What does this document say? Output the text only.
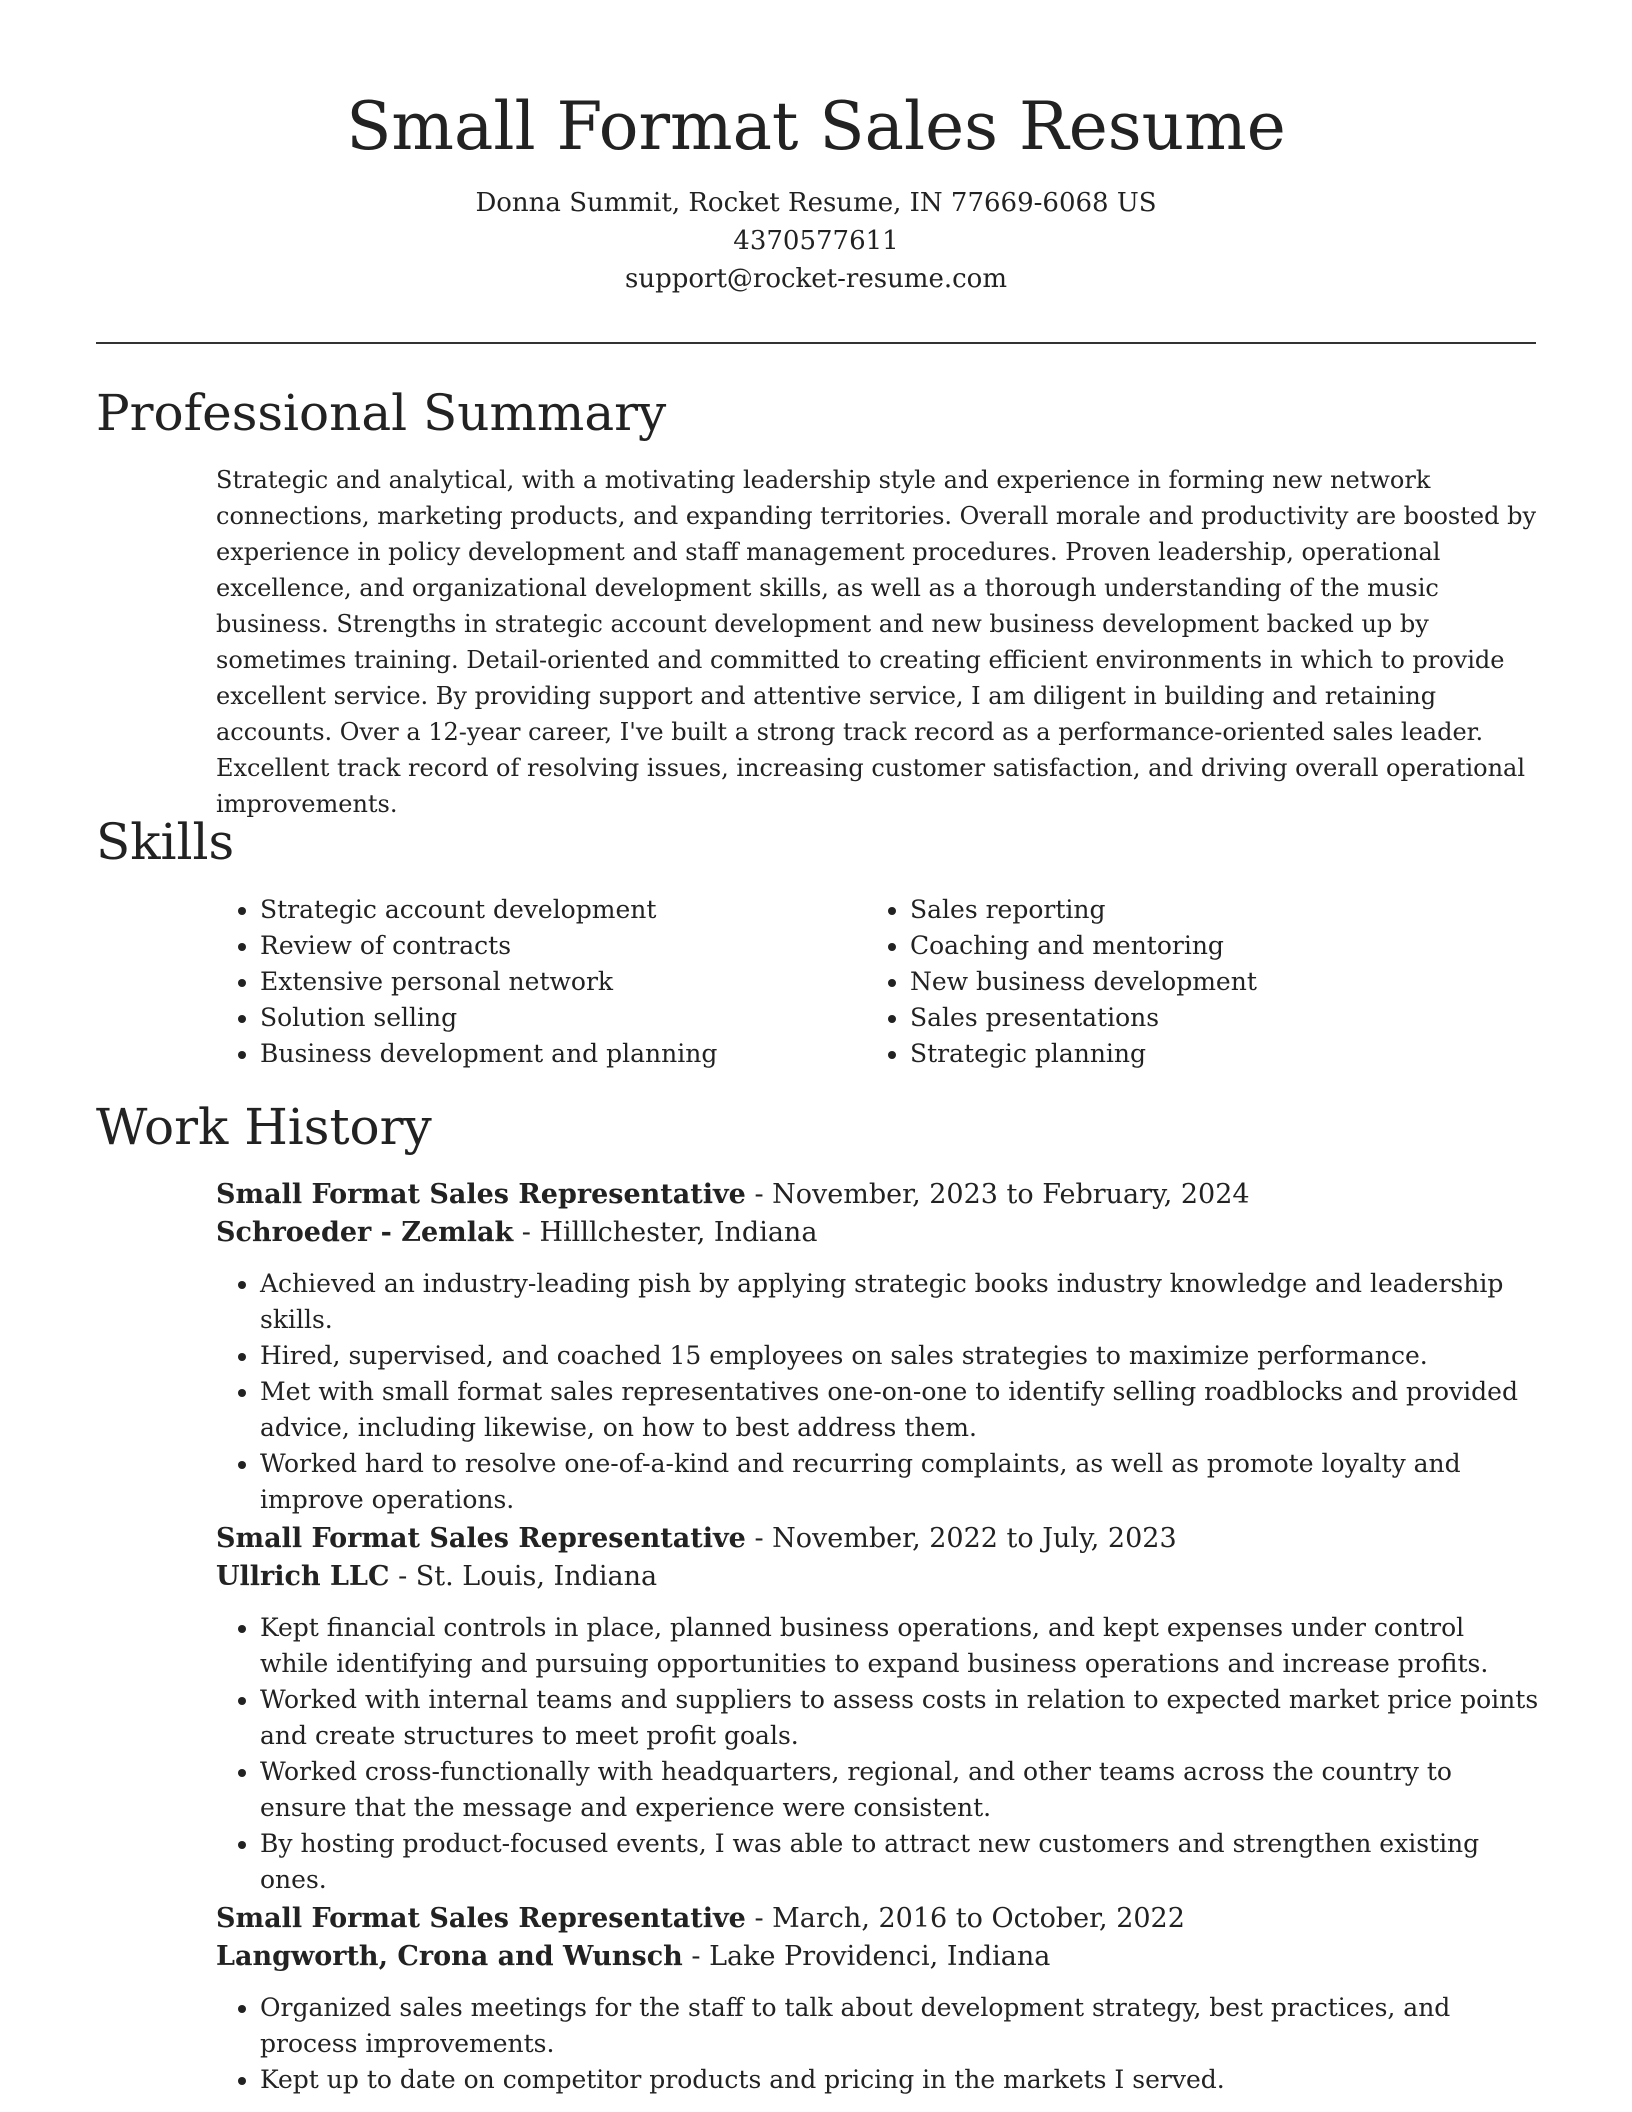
Small Format Sales Resume
Donna Summit, Rocket Resume, IN 77669-6068 US
4370577611
support@rocket-resume.com
Professional Summary

Strategic and analytical, with a motivating leadership style and experience in forming new network connections, marketing products, and expanding territories. Overall morale and productivity are boosted by experience in policy development and staff management procedures. Proven leadership, operational excellence, and organizational development skills, as well as a thorough understanding of the music business. Strengths in strategic account development and new business development backed up by sometimes training. Detail-oriented and committed to creating efficient environments in which to provide excellent service. By providing support and attentive service, I am diligent in building and retaining accounts. Over a 12-year career, I've built a strong track record as a performance-oriented sales leader. Excellent track record of resolving issues, increasing customer satisfaction, and driving overall operational improvements.

Skills
• Strategic account development
• Review of contracts
• Extensive personal network
• Solution selling
• Business development and planning
• Sales reporting
• Coaching and mentoring
• New business development
• Sales presentations
• Strategic planning
Work History
Small Format Sales Representative - November, 2023 to February, 2024
Schroeder - Zemlak - Hilllchester, Indiana
• Achieved an industry-leading pish by applying strategic books industry knowledge and leadership skills.
• Hired, supervised, and coached 15 employees on sales strategies to maximize performance.
• Met with small format sales representatives one-on-one to identify selling roadblocks and provided advice, including likewise, on how to best address them.
• Worked hard to resolve one-of-a-kind and recurring complaints, as well as promote loyalty and improve operations.
Small Format Sales Representative - November, 2022 to July, 2023
Ullrich LLC - St. Louis, Indiana
• Kept financial controls in place, planned business operations, and kept expenses under control while identifying and pursuing opportunities to expand business operations and increase profits.
• Worked with internal teams and suppliers to assess costs in relation to expected market price points and create structures to meet profit goals.
• Worked cross-functionally with headquarters, regional, and other teams across the country to ensure that the message and experience were consistent.
• By hosting product-focused events, I was able to attract new customers and strengthen existing ones.
Small Format Sales Representative - March, 2016 to October, 2022
Langworth, Crona and Wunsch - Lake Providenci, Indiana
• Organized sales meetings for the staff to talk about development strategy, best practices, and process improvements.
• Kept up to date on competitor products and pricing in the markets I served.
